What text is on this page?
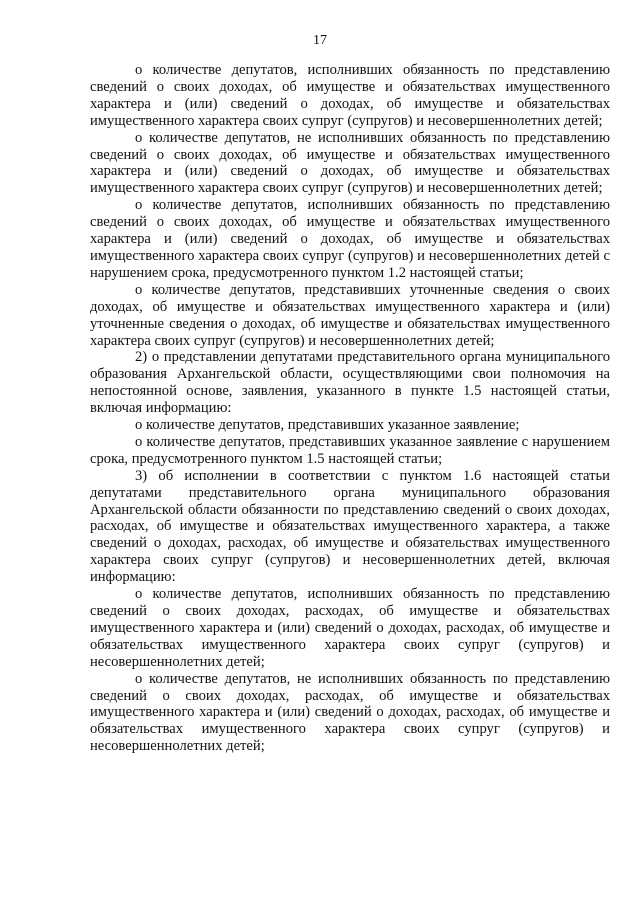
17

о количестве депутатов, исполнивших обязанность по представлению сведений о своих доходах, об имуществе и обязательствах имущественного характера и (или) сведений о доходах, об имуществе и обязательствах имущественного характера своих супруг (супругов) и несовершеннолетних детей;

о количестве депутатов, не исполнивших обязанность по представлению сведений о своих доходах, об имуществе и обязательствах имущественного характера и (или) сведений о доходах, об имуществе и обязательствах имущественного характера своих супруг (супругов) и несовершеннолетних детей;

о количестве депутатов, исполнивших обязанность по представлению сведений о своих доходах, об имуществе и обязательствах имущественного характера и (или) сведений о доходах, об имуществе и обязательствах имущественного характера своих супруг (супругов) и несовершеннолетних детей с нарушением срока, предусмотренного пунктом 1.2 настоящей статьи;

о количестве депутатов, представивших уточненные сведения о своих доходах, об имуществе и обязательствах имущественного характера и (или) уточненные сведения о доходах, об имуществе и обязательствах имущественного характера своих супруг (супругов) и несовершеннолетних детей;

2) о представлении депутатами представительного органа муниципального образования Архангельской области, осуществляющими свои полномочия на непостоянной основе, заявления, указанного в пункте 1.5 настоящей статьи, включая информацию:

о количестве депутатов, представивших указанное заявление;

о количестве депутатов, представивших указанное заявление с нарушением срока, предусмотренного пунктом 1.5 настоящей статьи;

3) об исполнении в соответствии с пунктом 1.6 настоящей статьи депутатами представительного органа муниципального образования Архангельской области обязанности по представлению сведений о своих доходах, расходах, об имуществе и обязательствах имущественного характера, а также сведений о доходах, расходах, об имуществе и обязательствах имущественного характера своих супруг (супругов) и несовершеннолетних детей, включая информацию:

о количестве депутатов, исполнивших обязанность по представлению сведений о своих доходах, расходах, об имуществе и обязательствах имущественного характера и (или) сведений о доходах, расходах, об имуществе и обязательствах имущественного характера своих супруг (супругов) и несовершеннолетних детей;

о количестве депутатов, не исполнивших обязанность по представлению сведений о своих доходах, расходах, об имуществе и обязательствах имущественного характера и (или) сведений о доходах, расходах, об имуществе и обязательствах имущественного характера своих супруг (супругов) и несовершеннолетних детей;
